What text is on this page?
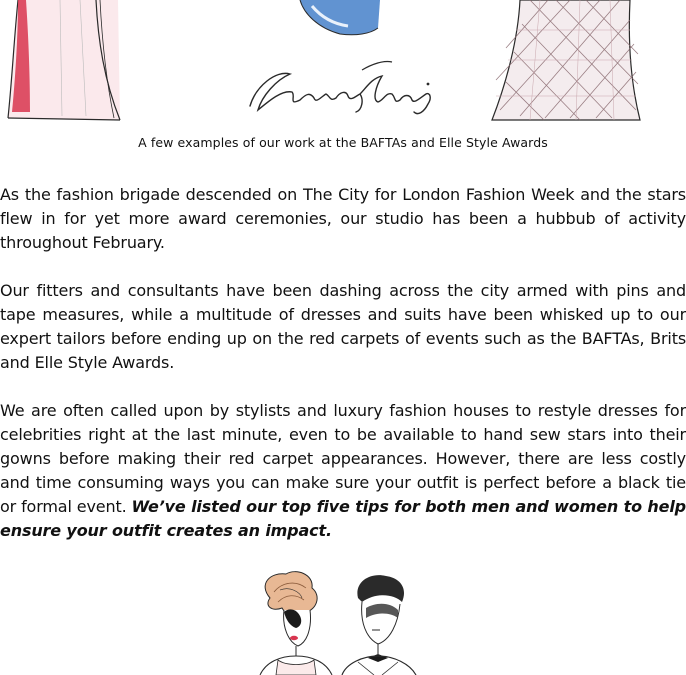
A few examples of our work at the BAFTAs and Elle Style Awards

As the fashion brigade descended on The City for London Fashion Week and the stars flew in for yet more award ceremonies, our studio has been a hubbub of activity throughout February.

Our fitters and consultants have been dashing across the city armed with pins and tape measures, while a multitude of dresses and suits have been whisked up to our expert tailors before ending up on the red carpets of events such as the BAFTAs, Brits and Elle Style Awards.

We are often called upon by stylists and luxury fashion houses to restyle dresses for celebrities right at the last minute, even to be available to hand sew stars into their gowns before making their red carpet appearances. However, there are less costly and time consuming ways you can make sure your outfit is perfect before a black tie or formal event. We’ve listed our top five tips for both men and women to help ensure your outfit creates an impact.
